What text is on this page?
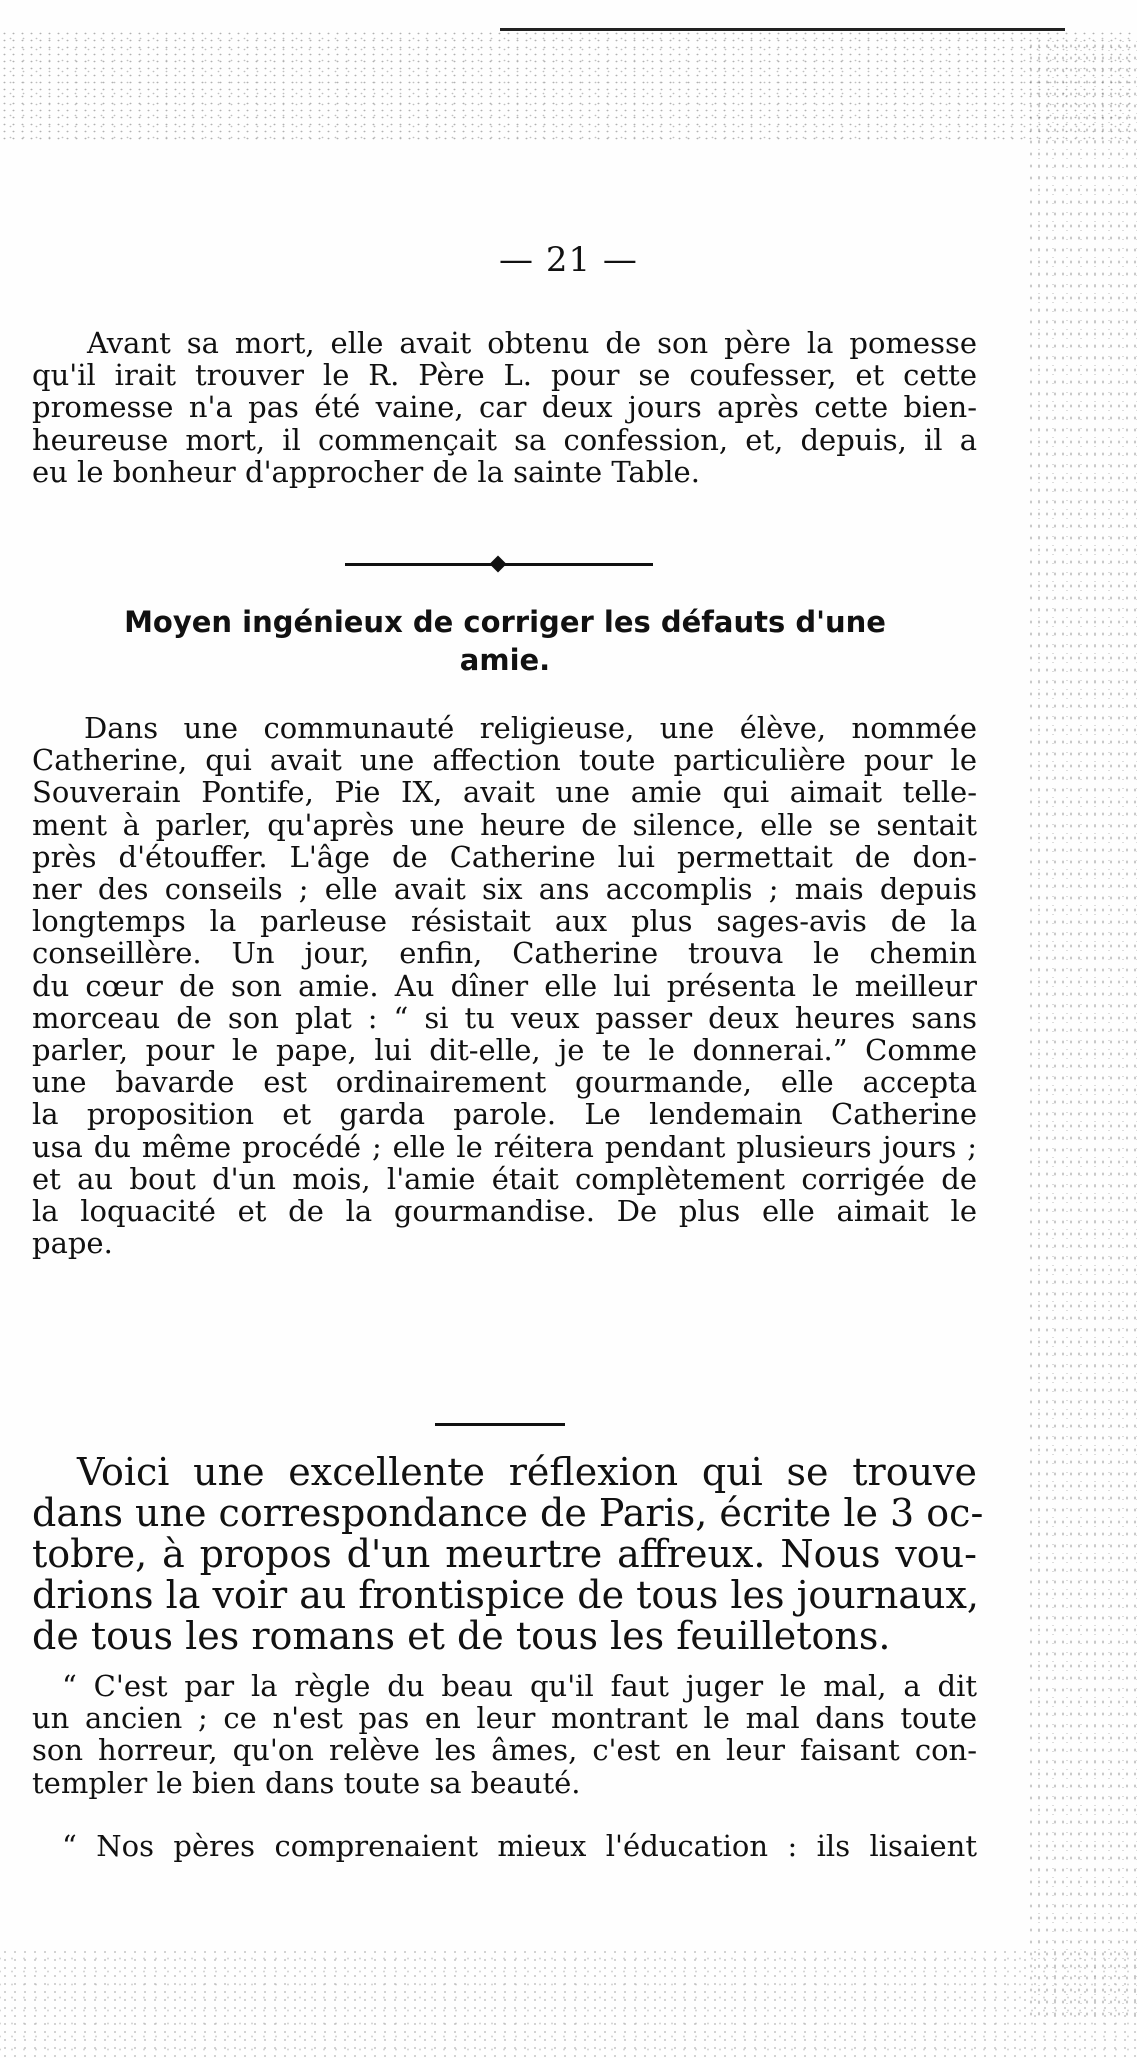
— 21 —
Avant sa mort, elle avait obtenu de son père la pomesse
qu'il irait trouver le R. Père L. pour se coufesser, et cette
promesse n'a pas été vaine, car deux jours après cette bien-
heureuse mort, il commençait sa confession, et, depuis, il a
eu le bonheur d'approcher de la sainte Table.
Moyen ingénieux de corriger les défauts d'une
amie.
Dans une communauté religieuse, une élève, nommée
Catherine, qui avait une affection toute particulière pour le
Souverain Pontife, Pie IX, avait une amie qui aimait telle-
ment à parler, qu'après une heure de silence, elle se sentait
près d'étouffer. L'âge de Catherine lui permettait de don-
ner des conseils ; elle avait six ans accomplis ; mais depuis
longtemps la parleuse résistait aux plus sages-avis de la
conseillère. Un jour, enfin, Catherine trouva le chemin
du cœur de son amie. Au dîner elle lui présenta le meilleur
morceau de son plat : “ si tu veux passer deux heures sans
parler, pour le pape, lui dit-elle, je te le donnerai.” Comme
une bavarde est ordinairement gourmande, elle accepta
la proposition et garda parole. Le lendemain Catherine
usa du même procédé ; elle le réitera pendant plusieurs jours ;
et au bout d'un mois, l'amie était complètement corrigée de
la loquacité et de la gourmandise. De plus elle aimait le
pape.
Voici une excellente réflexion qui se trouve
dans une correspondance de Paris, écrite le 3 oc-
tobre, à propos d'un meurtre affreux. Nous vou-
drions la voir au frontispice de tous les journaux,
de tous les romans et de tous les feuilletons.
“ C'est par la règle du beau qu'il faut juger le mal, a dit
un ancien ; ce n'est pas en leur montrant le mal dans toute
son horreur, qu'on relève les âmes, c'est en leur faisant con-
templer le bien dans toute sa beauté.
“ Nos pères comprenaient mieux l'éducation : ils lisaient
